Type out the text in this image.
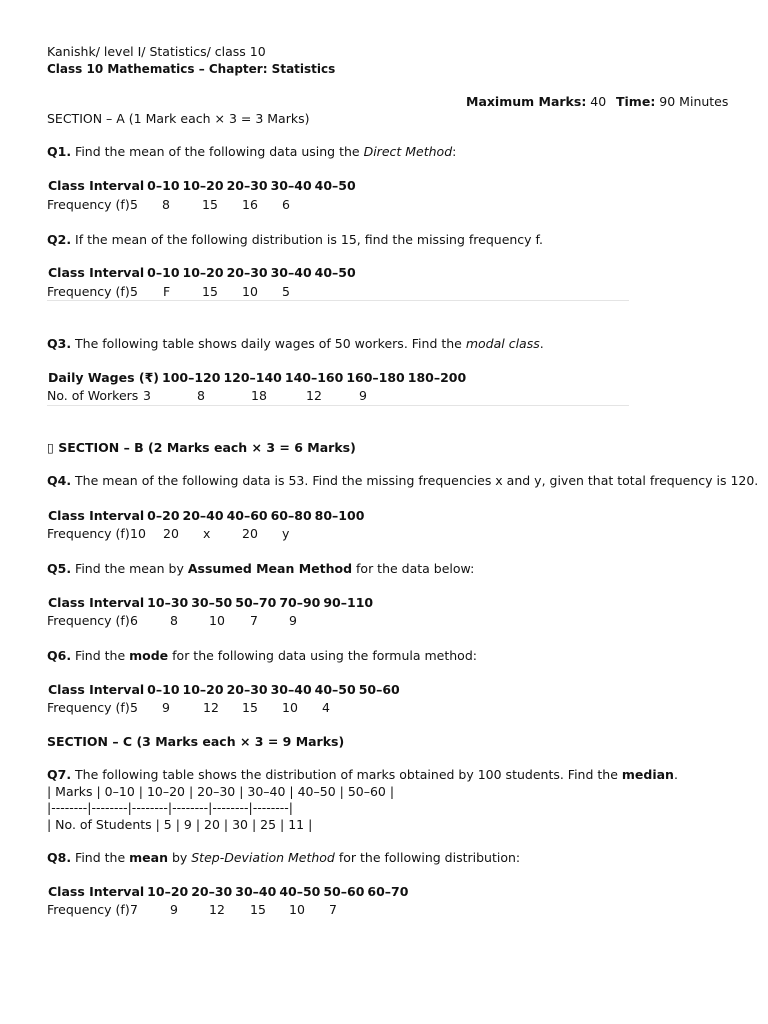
Kanishk/ level I/ Statistics/ class 10
Class 10 Mathematics – Chapter: Statistics
Maximum Marks: 40 Time: 90 Minutes
SECTION – A (1 Mark each × 3 = 3 Marks)
Q1. Find the mean of the following data using the Direct Method:
Class Interval	0–10	10–20	20–30	30–40	40–50
Frequency (f) 5 8	15 16 6
Q2. If the mean of the following distribution is 15, find the missing frequency f.
Class Interval	0–10	10–20	20–30	30–40	40–50
Frequency (f) 5 F	15 10 5
Q3. The following table shows daily wages of 50 workers. Find the modal class.
Daily Wages (₹)	100–120	120–140	140–160	160–180	180–200
No. of Workers 3	8	18	12	9
▯ SECTION – B (2 Marks each × 3 = 6 Marks)
Q4. The mean of the following data is 53. Find the missing frequencies x and y, given that total frequency is 120.
Class Interval	0–20	20–40	40–60	60–80	80–100
Frequency (f) 10 20 x	20 y
Q5. Find the mean by Assumed Mean Method for the data below:
Class Interval	10–30	30–50	50–70	70–90	90–110
Frequency (f) 6	8 10 7 9
Q6. Find the mode for the following data using the formula method:
Class Interval	0–10	10–20	20–30	30–40	40–50	50–60
Frequency (f) 5 9	12 15 10 4
SECTION – C (3 Marks each × 3 = 9 Marks)
Q7. The following table shows the distribution of marks obtained by 100 students. Find the median.
| Marks | 0–10 | 10–20 | 20–30 | 30–40 | 40–50 | 50–60 |
|--------|--------|--------|--------|--------|--------|
| No. of Students | 5 | 9 | 20 | 30 | 25 | 11 |
Q8. Find the mean by Step-Deviation Method for the following distribution:
Class Interval	10–20	20–30	30–40	40–50	50–60	60–70
Frequency (f) 7	9 12 15 10 7
